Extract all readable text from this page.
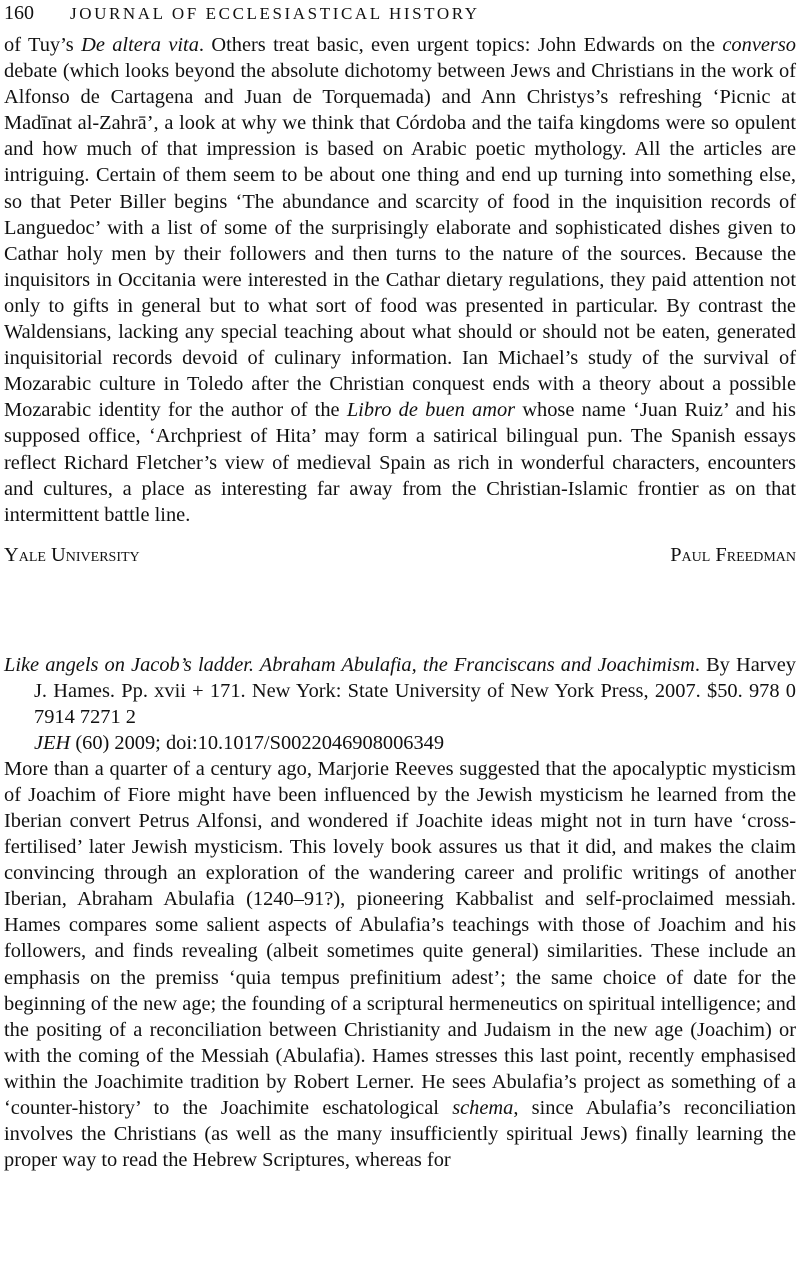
160 JOURNAL OF ECCLESIASTICAL HISTORY

of Tuy’s De altera vita. Others treat basic, even urgent topics: John Edwards on the converso debate (which looks beyond the absolute dichotomy between Jews and Christians in the work of Alfonso de Cartagena and Juan de Torquemada) and Ann Christys’s refreshing ‘Picnic at Madīnat al-Zahrā’, a look at why we think that Córdoba and the taifa kingdoms were so opulent and how much of that impression is based on Arabic poetic mythology. All the articles are intriguing. Certain of them seem to be about one thing and end up turning into something else, so that Peter Biller begins ‘The abundance and scarcity of food in the inquisition records of Languedoc’ with a list of some of the surprisingly elaborate and sophisticated dishes given to Cathar holy men by their followers and then turns to the nature of the sources. Because the inquisitors in Occitania were interested in the Cathar dietary regulations, they paid attention not only to gifts in general but to what sort of food was presented in particular. By contrast the Waldensians, lacking any special teaching about what should or should not be eaten, generated inquisitorial records devoid of culinary information. Ian Michael’s study of the survival of Mozarabic culture in Toledo after the Christian conquest ends with a theory about a possible Mozarabic identity for the author of the Libro de buen amor whose name ‘Juan Ruiz’ and his supposed office, ‘Archpriest of Hita’ may form a satirical bilingual pun. The Spanish essays reflect Richard Fletcher’s view of medieval Spain as rich in wonderful characters, encounters and cultures, a place as interesting far away from the Christian-Islamic frontier as on that intermittent battle line.

Yale University	Paul Freedman
Like angels on Jacob’s ladder. Abraham Abulafia, the Franciscans and Joachimism. By Harvey J. Hames. Pp. xvii + 171. New York: State University of New York Press, 2007. $50. 978 0 7914 7271 2
JEH (60) 2009; doi:10.1017/S0022046908006349

More than a quarter of a century ago, Marjorie Reeves suggested that the apocalyptic mysticism of Joachim of Fiore might have been influenced by the Jewish mysticism he learned from the Iberian convert Petrus Alfonsi, and wondered if Joachite ideas might not in turn have ‘cross-fertilised’ later Jewish mysticism. This lovely book assures us that it did, and makes the claim convincing through an exploration of the wandering career and prolific writings of another Iberian, Abraham Abulafia (1240–91?), pioneering Kabbalist and self-proclaimed messiah. Hames compares some salient aspects of Abulafia’s teachings with those of Joachim and his followers, and finds revealing (albeit sometimes quite general) similarities. These include an emphasis on the premiss ‘quia tempus prefinitium adest’; the same choice of date for the beginning of the new age; the founding of a scriptural hermeneutics on spiritual intelligence; and the positing of a reconciliation between Christianity and Judaism in the new age (Joachim) or with the coming of the Messiah (Abulafia). Hames stresses this last point, recently emphasised within the Joachimite tradition by Robert Lerner. He sees Abulafia’s project as something of a ‘counter-history’ to the Joachimite eschatological schema, since Abulafia’s reconciliation involves the Christians (as well as the many insufficiently spiritual Jews) finally learning the proper way to read the Hebrew Scriptures, whereas for
